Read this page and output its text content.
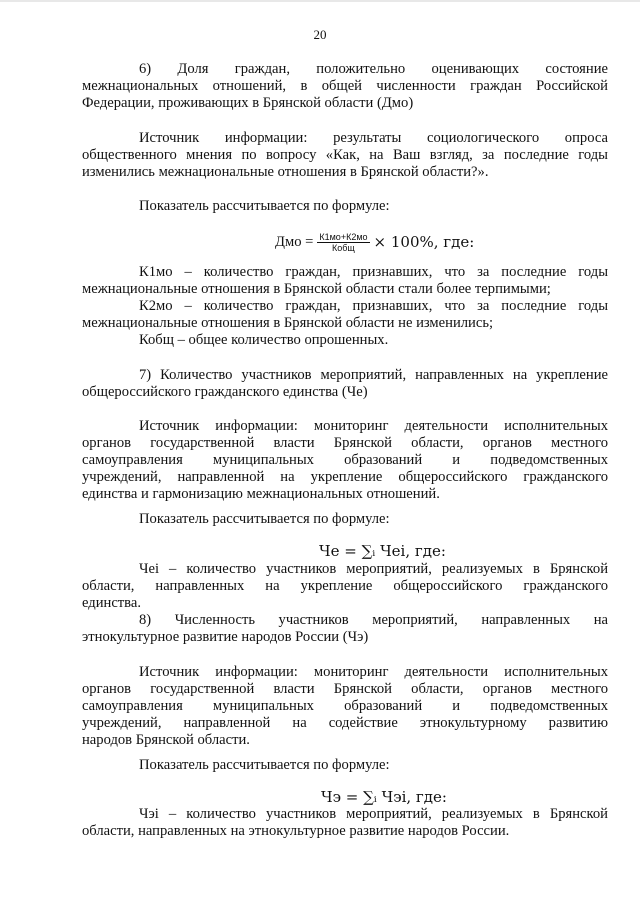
20
6) Доля граждан, положительно оценивающих состояние
межнациональных отношений, в общей численности граждан Российской
Федерации, проживающих в Брянской области (Дмо)
Источник информации: результаты социологического опроса
общественного мнения по вопросу «Как, на Ваш взгляд, за последние годы
изменились межнациональные отношения в Брянской области?».
Показатель рассчитывается по формуле:
Дмо = $\frac{К1мо+К2мо}{\text{Кобщ}} \times 100\%$, где:
К1мо – количество граждан, признавших, что за последние годы
межнациональные отношения в Брянской области стали более терпимыми;
К2мо – количество граждан, признавших, что за последние годы
межнациональные отношения в Брянской области не изменились;
Кобщ – общее количество опрошенных.
7) Количество участников мероприятий, направленных на укрепление
общероссийского гражданского единства (Че)
Источник информации: мониторинг деятельности исполнительных
органов государственной власти Брянской области, органов местного
самоуправления муниципальных образований и подведомственных
учреждений, направленной на укрепление общероссийского гражданского
единства и гармонизацию межнациональных отношений.
Показатель рассчитывается по формуле:
Че = ∑ᵢ Чеi, где:
Чеi – количество участников мероприятий, реализуемых в Брянской
области, направленных на укрепление общероссийского гражданского
единства.
8) Численность участников мероприятий, направленных на
этнокультурное развитие народов России (Чэ)
Источник информации: мониторинг деятельности исполнительных
органов государственной власти Брянской области, органов местного
самоуправления муниципальных образований и подведомственных
учреждений, направленной на содействие этнокультурному развитию
народов Брянской области.
Показатель рассчитывается по формуле:
Чэ = ∑ᵢ Чэi, где:
Чэi – количество участников мероприятий, реализуемых в Брянской
области, направленных на этнокультурное развитие народов России.
